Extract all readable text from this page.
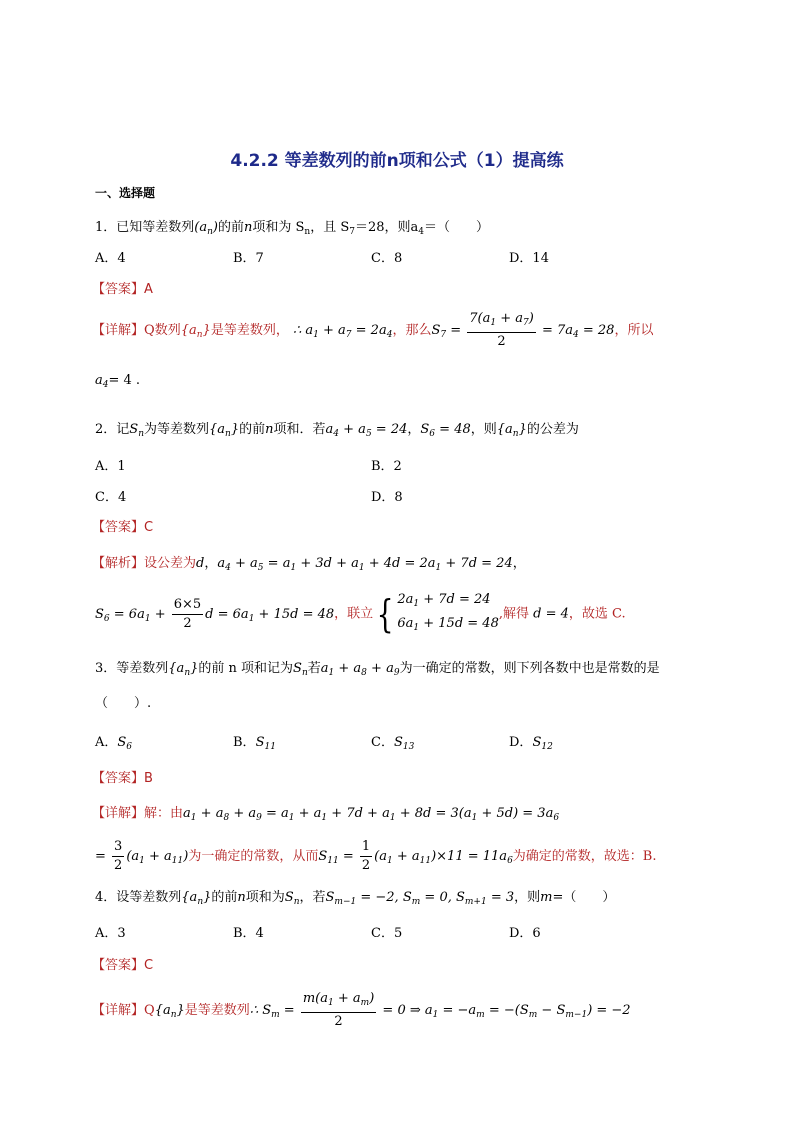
4.2.2 等差数列的前n项和公式（1）提高练
一、选择题
1．已知等差数列$(a_n)$的前n项和为 $S_n$，且 $S_7=28$，则$a_4=$（　　）
A．4	B．7	C．8	D．14
【答案】A
【详解】Q数列$\{a_n\}$是等差数列， ∴ $a_1 + a_7 = 2a_4$，那么$S_7 = \frac{7(a_1 + a_7)}{2} = 7a_4 = 28$，所以
$a_4= 4$ .
2．记$S_n$为等差数列$\{a_n\}$的前n项和．若$a_4 + a_5 = 24$，$S_6 = 48$，则$\{a_n\}$的公差为
A．1	B．2
C．4	D．8
【答案】C
【解析】设公差为d，$a_4 + a_5 = a_1 + 3d + a_1 + 4d = 2a_1 + 7d = 24$，
$S_6 = 6a_1 + \frac{6\times 5}{2}$ $d = 6a_1 + 15d = 48$，联立{ $2a_1 + 7d = 24$
$6a_1 + 15d = 48$
,解得 d = 4，故选 C.
3．等差数列$\{a_n\}$的前 n 项和记为$S_n$若$a_1 + a_8 + a_9$为一确定的常数，则下列各数中也是常数的是
（　　）.
A．$S_6$	B．$S_{11}$	C．$S_{13}$	D．$S_{12}$
【答案】B
【详解】解：由$a_1 + a_8 + a_9 = a_1 + a_1 + 7d + a_1 + 8d = 3(a_1 + 5d) = 3a_6$
= $\frac{3}{2} (a_1 + a_{11})$为一确定的常数，从而$S_{11} = \frac{1}{2} (a_1 + a_{11})\times 11 = 11a_6$为确定的常数，故选：B.
4．设等差数列$\{a_n\}$的前n项和为$S_n$，若$S_{m-1} = -2$, $S_m = 0$, $S_{m+1} = 3$，则m=（　　）
A．3	B．4	C．5	D．6
【答案】C
【详解】$Q\{a_n\}$是等差数列∴ $S_m = \frac{m(a_1 + a_m)}{2} = 0$ ⇒ $a_1 = -a_m = -(S_m - S_{m-1}) = -2$
